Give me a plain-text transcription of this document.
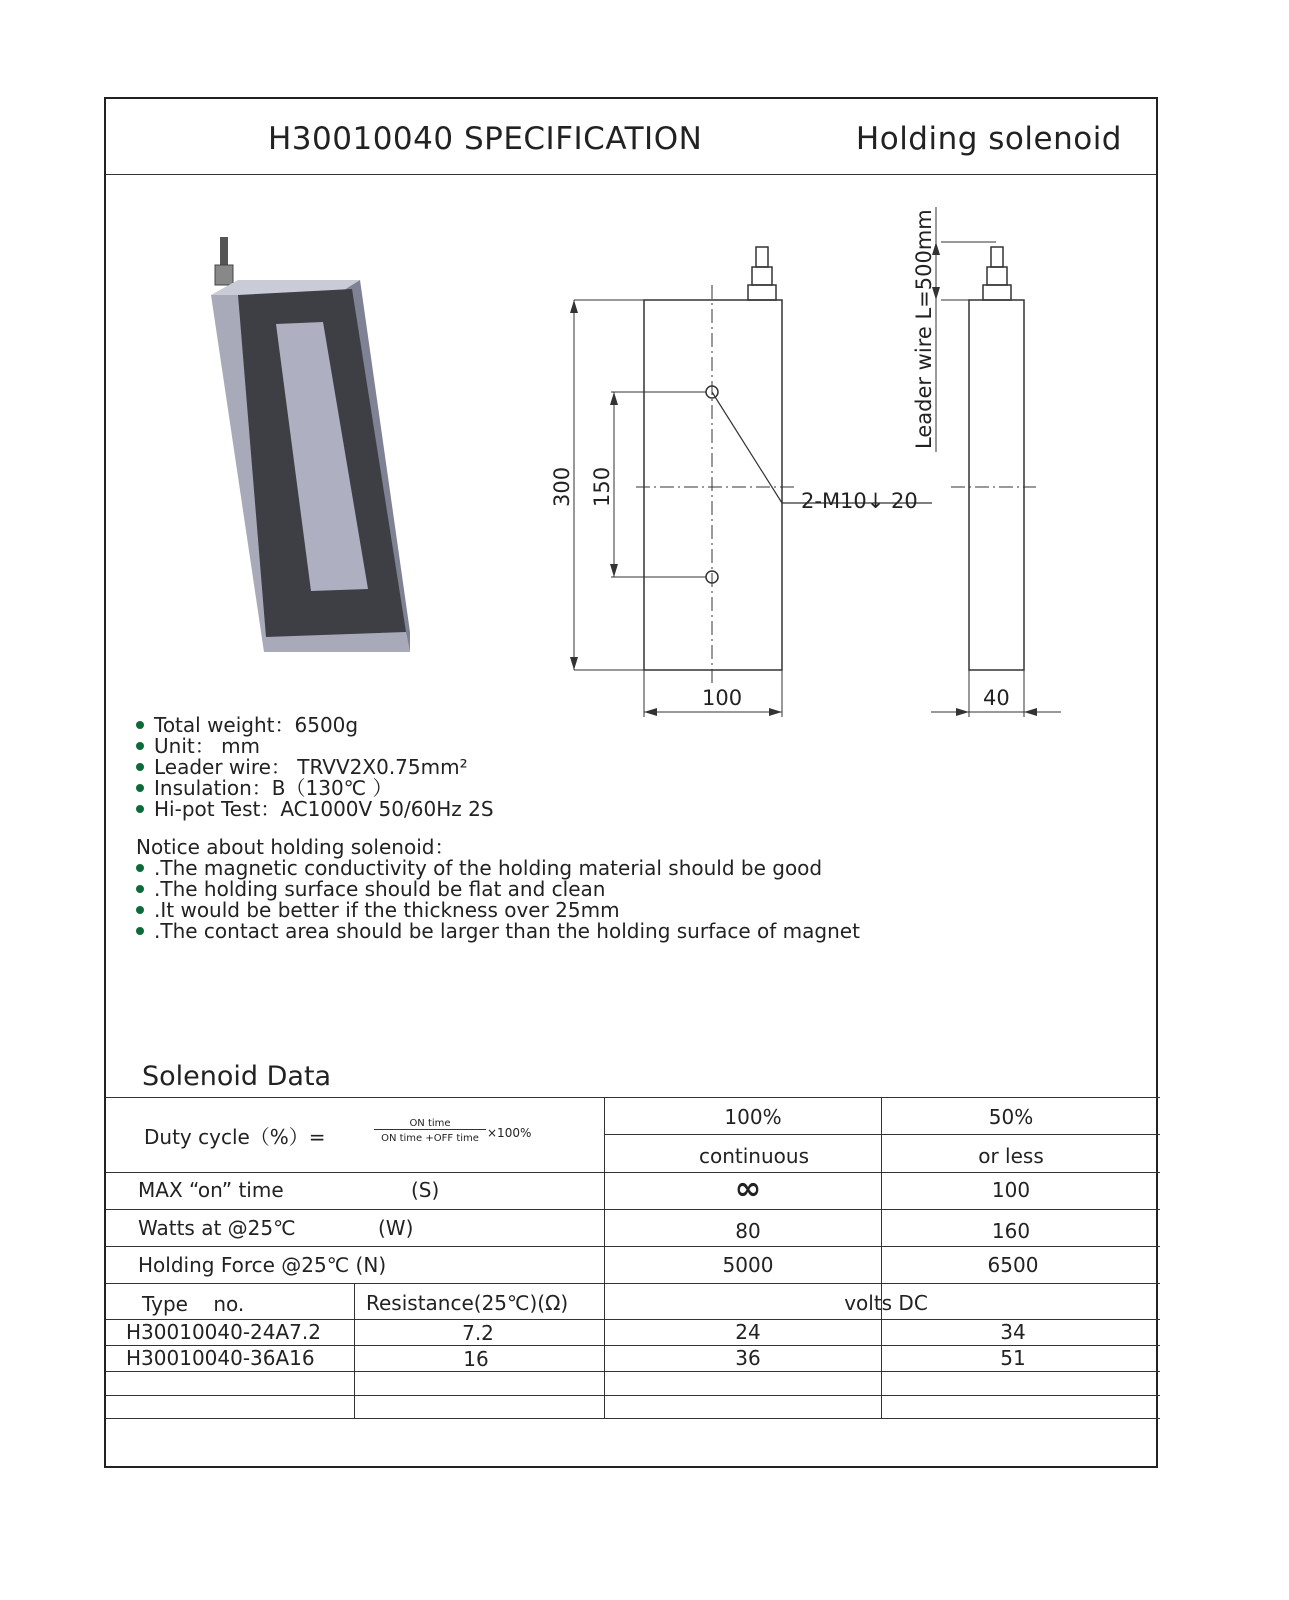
H30010040 SPECIFICATION	Holding solenoid
100	40
2-M10↓ 20
300 150
Leader wire L=500mm
Total weight：6500g
Unit： mm
Leader wire： TRVV2X0.75mm²
Insulation：B（130℃ ）
Hi-pot Test：AC1000V 50/60Hz 2S
Notice about holding solenoid：
.The magnetic conductivity of the holding material should be good
.The holding surface should be flat and clean
.It would be better if the thickness over 25mm
.The contact area should be larger than the holding surface of magnet
Solenoid Data
Duty cycle（%）=
ON time
ON time +OFF time ×100%
100%	50%
continuous	or less
MAX “on” time	(S)	∞	100
Watts at @25℃	(W)	80	160
Holding Force @25℃ (N)	5000	6500
Type    no.	Resistance(25℃)(Ω)	volts DC
H30010040-24A7.2	7.2	24	34
H30010040-36A16	16	36	51
